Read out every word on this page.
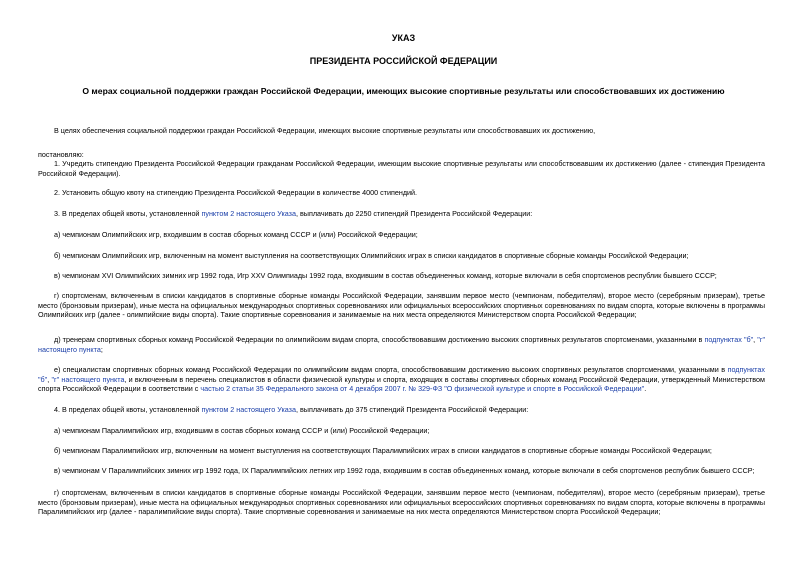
УКАЗ
ПРЕЗИДЕНТА РОССИЙСКОЙ ФЕДЕРАЦИИ
О мерах социальной поддержки граждан Российской Федерации, имеющих высокие спортивные результаты или способствовавших их достижению

В целях обеспечения социальной поддержки граждан Российской Федерации, имеющих высокие спортивные результаты или способствовавших их достижению,

постановляю:

1. Учредить стипендию Президента Российской Федерации гражданам Российской Федерации, имеющим высокие спортивные результаты или способствовавшим их достижению (далее - стипендия Президента Российской Федерации).

2. Установить общую квоту на стипендию Президента Российской Федерации в количестве 4000 стипендий.

3. В пределах общей квоты, установленной пунктом 2 настоящего Указа, выплачивать до 2250 стипендий Президента Российской Федерации:

а) чемпионам Олимпийских игр, входившим в состав сборных команд СССР и (или) Российской Федерации;

б) чемпионам Олимпийских игр, включенным на момент выступления на соответствующих Олимпийских играх в списки кандидатов в спортивные сборные команды Российской Федерации;

в) чемпионам XVI Олимпийских зимних игр 1992 года, Игр XXV Олимпиады 1992 года, входившим в состав объединенных команд, которые включали в себя спортсменов республик бывшего СССР;

г) спортсменам, включенным в списки кандидатов в спортивные сборные команды Российской Федерации, занявшим первое место (чемпионам, победителям), второе место (серебряным призерам), третье место (бронзовым призерам), иные места на официальных международных спортивных соревнованиях или официальных всероссийских спортивных соревнованиях по видам спорта, которые включены в программы Олимпийских игр (далее - олимпийские виды спорта). Такие спортивные соревнования и занимаемые на них места определяются Министерством спорта Российской Федерации;

д) тренерам спортивных сборных команд Российской Федерации по олимпийским видам спорта, способствовавшим достижению высоких спортивных результатов спортсменами, указанными в подпунктах "б", "г" настоящего пункта;

е) специалистам спортивных сборных команд Российской Федерации по олимпийским видам спорта, способствовавшим достижению высоких спортивных результатов спортсменами, указанными в подпунктах "б", "г" настоящего пункта, и включенным в перечень специалистов в области физической культуры и спорта, входящих в составы спортивных сборных команд Российской Федерации, утвержденный Министерством спорта Российской Федерации в соответствии с частью 2 статьи 35 Федерального закона от 4 декабря 2007 г. № 329-ФЗ "О физической культуре и спорте в Российской Федерации".

4. В пределах общей квоты, установленной пунктом 2 настоящего Указа, выплачивать до 375 стипендий Президента Российской Федерации:

а) чемпионам Паралимпийских игр, входившим в состав сборных команд СССР и (или) Российской Федерации;

б) чемпионам Паралимпийских игр, включенным на момент выступления на соответствующих Паралимпийских играх в списки кандидатов в спортивные сборные команды Российской Федерации;

в) чемпионам V Паралимпийских зимних игр 1992 года, IX Паралимпийских летних игр 1992 года, входившим в состав объединенных команд, которые включали в себя спортсменов республик бывшего СССР;

г) спортсменам, включенным в списки кандидатов в спортивные сборные команды Российской Федерации, занявшим первое место (чемпионам, победителям), второе место (серебряным призерам), третье место (бронзовым призерам), иные места на официальных международных спортивных соревнованиях или официальных всероссийских спортивных соревнованиях по видам спорта, которые включены в программы Паралимпийских игр (далее - паралимпийские виды спорта). Такие спортивные соревнования и занимаемые на них места определяются Министерством спорта Российской Федерации;
